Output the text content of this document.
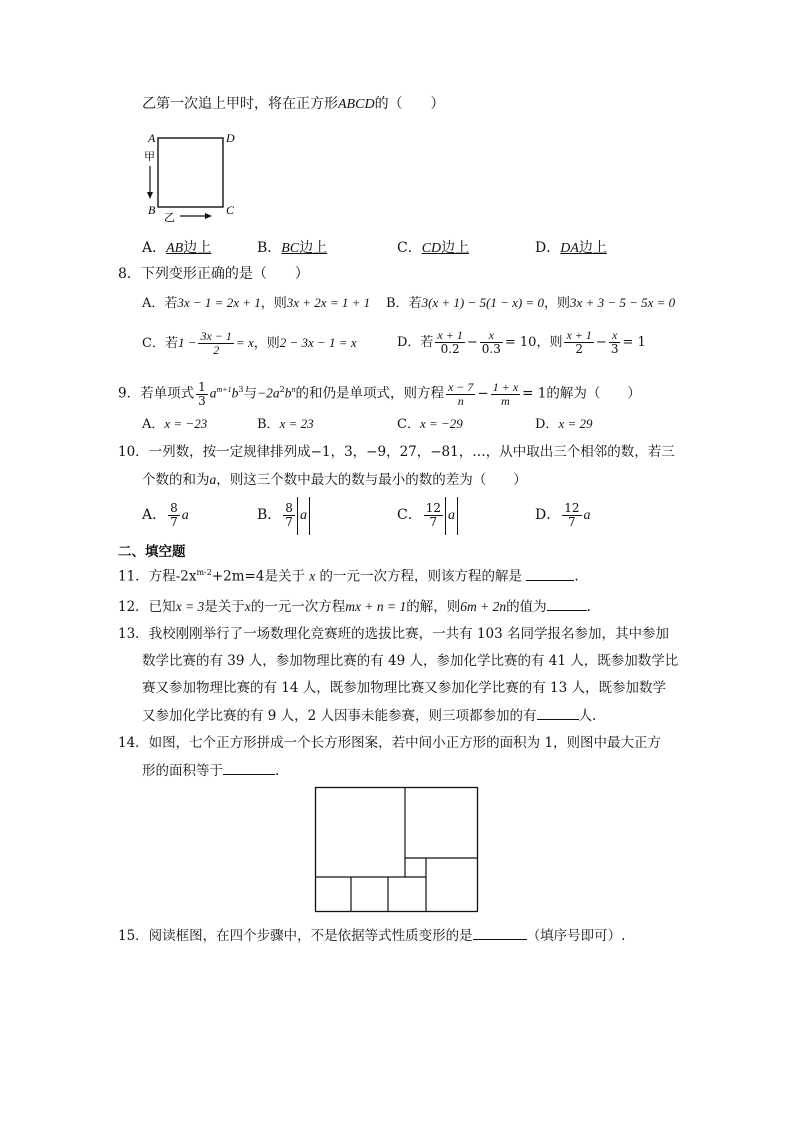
乙第一次追上甲时，将在正方形ABCD的（　　）
A	D
B	C
甲
乙
A．AB边上	B．BC边上	C．CD边上	D．DA边上
8．下列变形正确的是（　　）
A．若3x − 1 = 2x + 1，则3x + 2x = 1 + 1 B．若3(x + 1) − 5(1 − x) = 0，则3x + 3 − 5 − 5x = 0
C．若$1 - \frac{3x - 1}{2} = x$，则2 − 3x − 1 = x	D．若 $\frac{x + 1}{0.2} - \frac{x}{0.3} = 10$，则 $\frac{x + 1}{2} - \frac{x}{3} = 1$
9．若单项式 $\frac{1}{3} a^{m+1}b^3$与$-2a^2b^n$的和仍是单项式，则方程 $\frac{x - 7}{n} - \frac{1 + x}{m} = 1$的解为（　　）
A．x = −23	B．x = 23	C．x = −29	D．x = 29
10．一列数，按一定规律排列成−1，3，−9，27，−81，…，从中取出三个相邻的数，若三
个数的和为a，则这三个数中最大的数与最小的数的差为（　　）
A． $\frac{8}{7}$ a	B． $\frac{8}{7}$ a	C． $\frac{12}{7}$ a	D． $\frac{12}{7}$ a
二、填空题
11．方程$-2x^{m-2}+2m=4$是关于 x 的一元一次方程，则该方程的解是	.
12．已知x = 3是关于x的一元一次方程mx + n = 1的解，则6m + 2n的值为	.
13．我校刚刚举行了一场数理化竞赛班的选拔比赛，一共有 103 名同学报名参加，其中参加
数学比赛的有 39 人，参加物理比赛的有 49 人，参加化学比赛的有 41 人，既参加数学比
赛又参加物理比赛的有 14 人，既参加物理比赛又参加化学比赛的有 13 人，既参加数学
又参加化学比赛的有 9 人，2 人因事未能参赛，则三项都参加的有	人.
14．如图，七个正方形拼成一个长方形图案，若中间小正方形的面积为 1，则图中最大正方
形的面积等于	.
15．阅读框图，在四个步骤中，不是依据等式性质变形的是	（填序号即可）.
